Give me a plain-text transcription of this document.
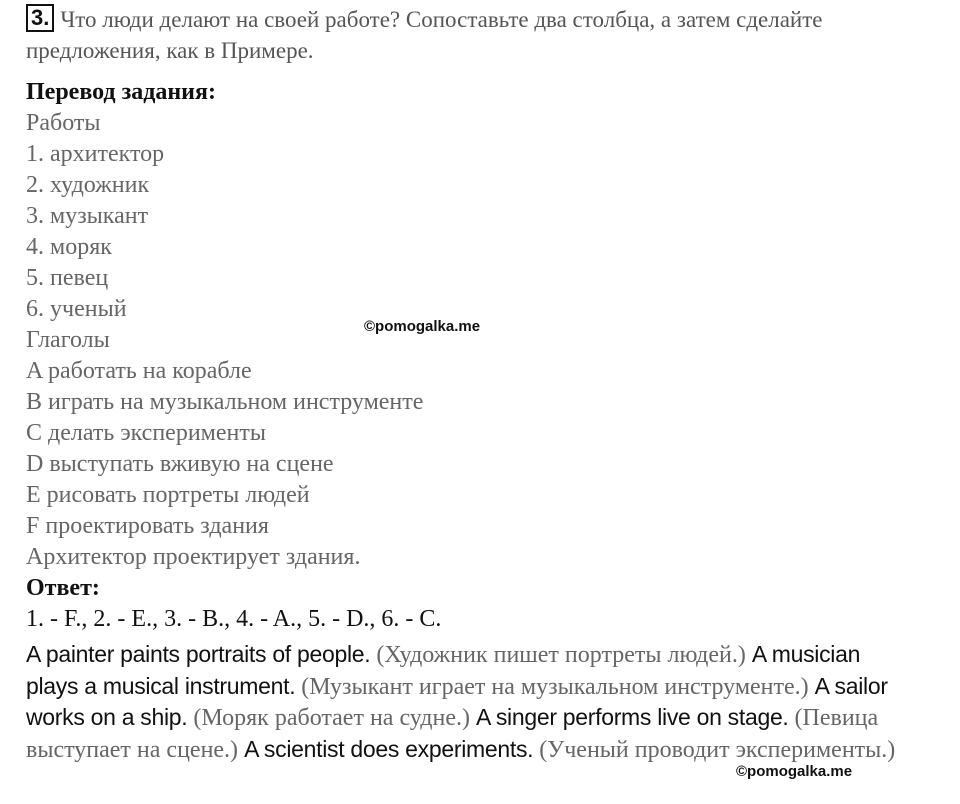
3. Что люди делают на своей работе? Сопоставьте два столбца, а затем сделайте предложения, как в Примере.
Перевод задания:
Работы
1. архитектор
2. художник
3. музыкант
4. моряк
5. певец
6. ученый
Глаголы
A работать на корабле
B играть на музыкальном инструменте
C делать эксперименты
D выступать вживую на сцене
E рисовать портреты людей
F проектировать здания
Архитектор проектирует здания.
Ответ:
1. - F., 2. - E., 3. - B., 4. - A., 5. - D., 6. - C.
A painter paints portraits of people. (Художник пишет портреты людей.) A musician plays a musical instrument. (Музыкант играет на музыкальном инструменте.) A sailor works on a ship. (Моряк работает на судне.) A singer performs live on stage. (Певица выступает на сцене.) A scientist does experiments. (Ученый проводит эксперименты.)
©pomogalka.me
©pomogalka.me
